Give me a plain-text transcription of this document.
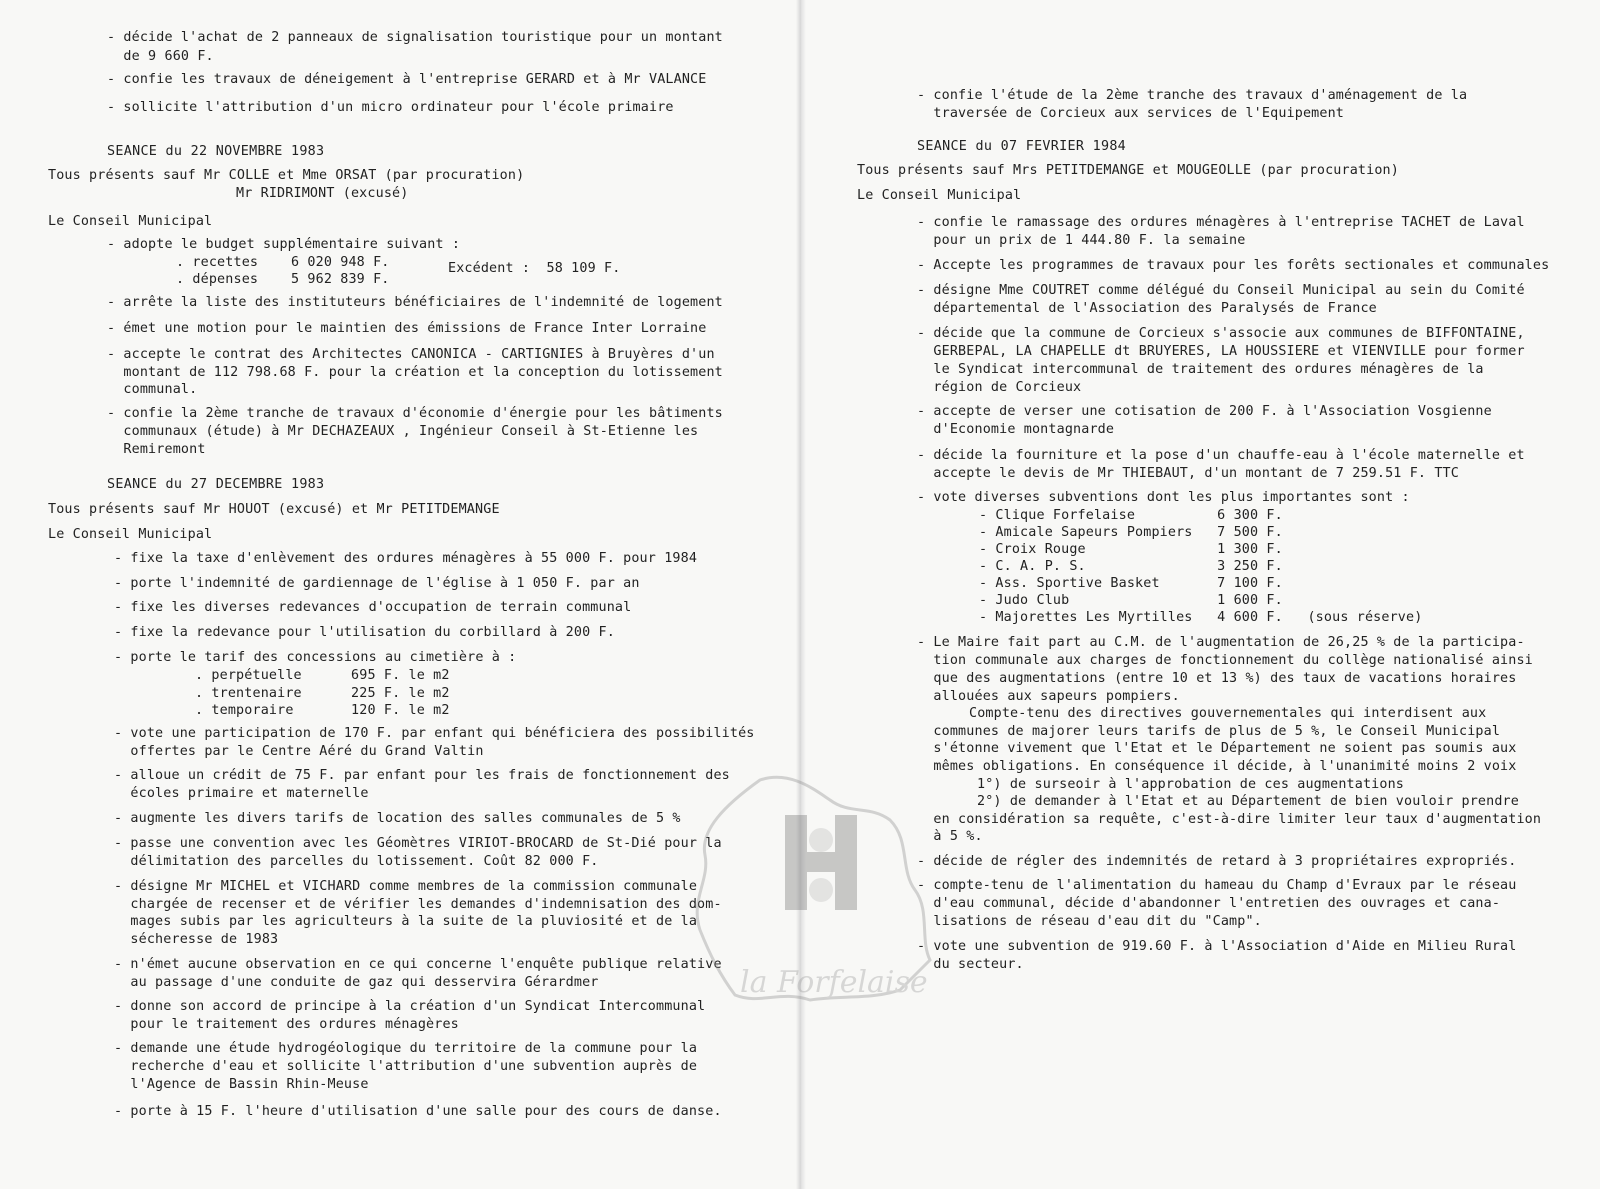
- décide l'achat de 2 panneaux de signalisation touristique pour un montant
de 9 660 F.
- confie les travaux de déneigement à l'entreprise GERARD et à Mr VALANCE
- sollicite l'attribution d'un micro ordinateur pour l'école primaire
SEANCE du 22 NOVEMBRE 1983
Tous présents sauf Mr COLLE et Mme ORSAT (par procuration)
Mr RIDRIMONT (excusé)
Le Conseil Municipal
- adopte le budget supplémentaire suivant :
. recettes    6 020 948 F.	Excédent :  58 109 F.
. dépenses    5 962 839 F.
- arrête la liste des instituteurs bénéficiaires de l'indemnité de logement
- émet une motion pour le maintien des émissions de France Inter Lorraine
- accepte le contrat des Architectes CANONICA - CARTIGNIES à Bruyères d'un
montant de 112 798.68 F. pour la création et la conception du lotissement
communal.
- confie la 2ème tranche de travaux d'économie d'énergie pour les bâtiments
communaux (étude) à Mr DECHAZEAUX , Ingénieur Conseil à St-Etienne les
Remiremont
SEANCE du 27 DECEMBRE 1983
Tous présents sauf Mr HOUOT (excusé) et Mr PETITDEMANGE
Le Conseil Municipal
- fixe la taxe d'enlèvement des ordures ménagères à 55 000 F. pour 1984
- porte l'indemnité de gardiennage de l'église à 1 050 F. par an
- fixe les diverses redevances d'occupation de terrain communal
- fixe la redevance pour l'utilisation du corbillard à 200 F.
- porte le tarif des concessions au cimetière à :
. perpétuelle      695 F. le m2
. trentenaire      225 F. le m2
. temporaire       120 F. le m2
- vote une participation de 170 F. par enfant qui bénéficiera des possibilités
offertes par le Centre Aéré du Grand Valtin
- alloue un crédit de 75 F. par enfant pour les frais de fonctionnement des
écoles primaire et maternelle
- augmente les divers tarifs de location des salles communales de 5 %
- passe une convention avec les Géomètres VIRIOT-BROCARD de St-Dié pour la
délimitation des parcelles du lotissement. Coût 82 000 F.
- désigne Mr MICHEL et VICHARD comme membres de la commission communale
chargée de recenser et de vérifier les demandes d'indemnisation des dom-
mages subis par les agriculteurs à la suite de la pluviosité et de la
sécheresse de 1983
- n'émet aucune observation en ce qui concerne l'enquête publique relative
au passage d'une conduite de gaz qui desservira Gérardmer
- donne son accord de principe à la création d'un Syndicat Intercommunal
pour le traitement des ordures ménagères
- demande une étude hydrogéologique du territoire de la commune pour la
recherche d'eau et sollicite l'attribution d'une subvention auprès de
l'Agence de Bassin Rhin-Meuse
- porte à 15 F. l'heure d'utilisation d'une salle pour des cours de danse.
- confie l'étude de la 2ème tranche des travaux d'aménagement de la
traversée de Corcieux aux services de l'Equipement
SEANCE du 07 FEVRIER 1984
Tous présents sauf Mrs PETITDEMANGE et MOUGEOLLE (par procuration)
Le Conseil Municipal
- confie le ramassage des ordures ménagères à l'entreprise TACHET de Laval
pour un prix de 1 444.80 F. la semaine
- Accepte les programmes de travaux pour les forêts sectionales et communales
- désigne Mme COUTRET comme délégué du Conseil Municipal au sein du Comité
départemental de l'Association des Paralysés de France
- décide que la commune de Corcieux s'associe aux communes de BIFFONTAINE,
GERBEPAL, LA CHAPELLE dt BRUYERES, LA HOUSSIERE et VIENVILLE pour former
le Syndicat intercommunal de traitement des ordures ménagères de la
région de Corcieux
- accepte de verser une cotisation de 200 F. à l'Association Vosgienne
d'Economie montagnarde
- décide la fourniture et la pose d'un chauffe-eau à l'école maternelle et
accepte le devis de Mr THIEBAUT, d'un montant de 7 259.51 F. TTC
- vote diverses subventions dont les plus importantes sont :
- Clique Forfelaise          6 300 F.
- Amicale Sapeurs Pompiers   7 500 F.
- Croix Rouge                1 300 F.
- C. A. P. S.                3 250 F.
- Ass. Sportive Basket       7 100 F.
- Judo Club                  1 600 F.
- Majorettes Les Myrtilles   4 600 F.   (sous réserve)
- Le Maire fait part au C.M. de l'augmentation de 26,25 % de la participa-
tion communale aux charges de fonctionnement du collège nationalisé ainsi
que des augmentations (entre 10 et 13 %) des taux de vacations horaires
allouées aux sapeurs pompiers.
Compte-tenu des directives gouvernementales qui interdisent aux
communes de majorer leurs tarifs de plus de 5 %, le Conseil Municipal
s'étonne vivement que l'Etat et le Département ne soient pas soumis aux
mêmes obligations. En conséquence il décide, à l'unanimité moins 2 voix
1°) de surseoir à l'approbation de ces augmentations
2°) de demander à l'Etat et au Département de bien vouloir prendre
en considération sa requête, c'est-à-dire limiter leur taux d'augmentation
à 5 %.
- décide de régler des indemnités de retard à 3 propriétaires expropriés.
- compte-tenu de l'alimentation du hameau du Champ d'Evraux par le réseau
d'eau communal, décide d'abandonner l'entretien des ouvrages et cana-
lisations de réseau d'eau dit du "Camp".
- vote une subvention de 919.60 F. à l'Association d'Aide en Milieu Rural
du secteur.
la Forfelaise
